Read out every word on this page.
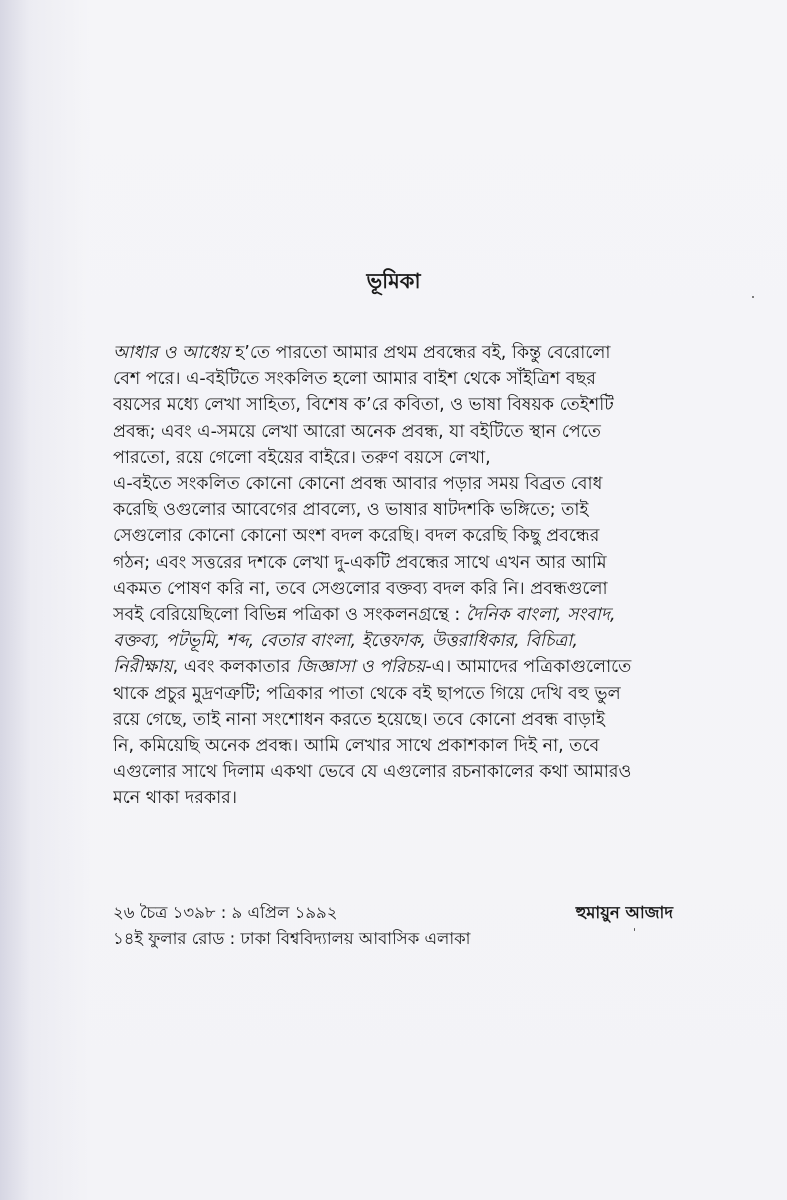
ভূমিকা
আধার ও আধেয় হ’তে পারতো আমার প্রথম প্রবন্ধের বই, কিন্তু বেরোলো
বেশ পরে। এ-বইটিতে সংকলিত হলো আমার বাইশ থেকে সাঁইত্রিশ বছর
বয়সের মধ্যে লেখা সাহিত্য, বিশেষ ক’রে কবিতা, ও ভাষা বিষয়ক তেইশটি
প্রবন্ধ; এবং এ-সময়ে লেখা আরো অনেক প্রবন্ধ, যা বইটিতে স্থান পেতে
পারতো, রয়ে গেলো বইয়ের বাইরে। তরুণ বয়সে লেখা,
এ-বইতে সংকলিত কোনো কোনো প্রবন্ধ আবার পড়ার সময় বিব্রত বোধ
করেছি ওগুলোর আবেগের প্রাবল্যে, ও ভাষার ষাটদশকি ভঙ্গিতে; তাই
সেগুলোর কোনো কোনো অংশ বদল করেছি। বদল করেছি কিছু প্রবন্ধের
গঠন; এবং সত্তরের দশকে লেখা দু-একটি প্রবন্ধের সাথে এখন আর আমি
একমত পোষণ করি না, তবে সেগুলোর বক্তব্য বদল করি নি। প্রবন্ধগুলো
সবই বেরিয়েছিলো বিভিন্ন পত্রিকা ও সংকলনগ্রন্থে : দৈনিক বাংলা, সংবাদ,
বক্তব্য, পটভূমি, শব্দ, বেতার বাংলা, ইত্তেফাক, উত্তরাধিকার, বিচিত্রা,
নিরীক্ষায়, এবং কলকাতার জিজ্ঞাসা ও পরিচয়-এ। আমাদের পত্রিকাগুলোতে
থাকে প্রচুর মুদ্রণত্রুটি; পত্রিকার পাতা থেকে বই ছাপতে গিয়ে দেখি বহু ভুল
রয়ে গেছে, তাই নানা সংশোধন করতে হয়েছে। তবে কোনো প্রবন্ধ বাড়াই
নি, কমিয়েছি অনেক প্রবন্ধ। আমি লেখার সাথে প্রকাশকাল দিই না, তবে
এগুলোর সাথে দিলাম একথা ভেবে যে এগুলোর রচনাকালের কথা আমারও
মনে থাকা দরকার।
২৬ চৈত্র ১৩৯৮ : ৯ এপ্রিল ১৯৯২	হুমায়ুন আজাদ
১৪ই ফুলার রোড : ঢাকা বিশ্ববিদ্যালয় আবাসিক এলাকা
